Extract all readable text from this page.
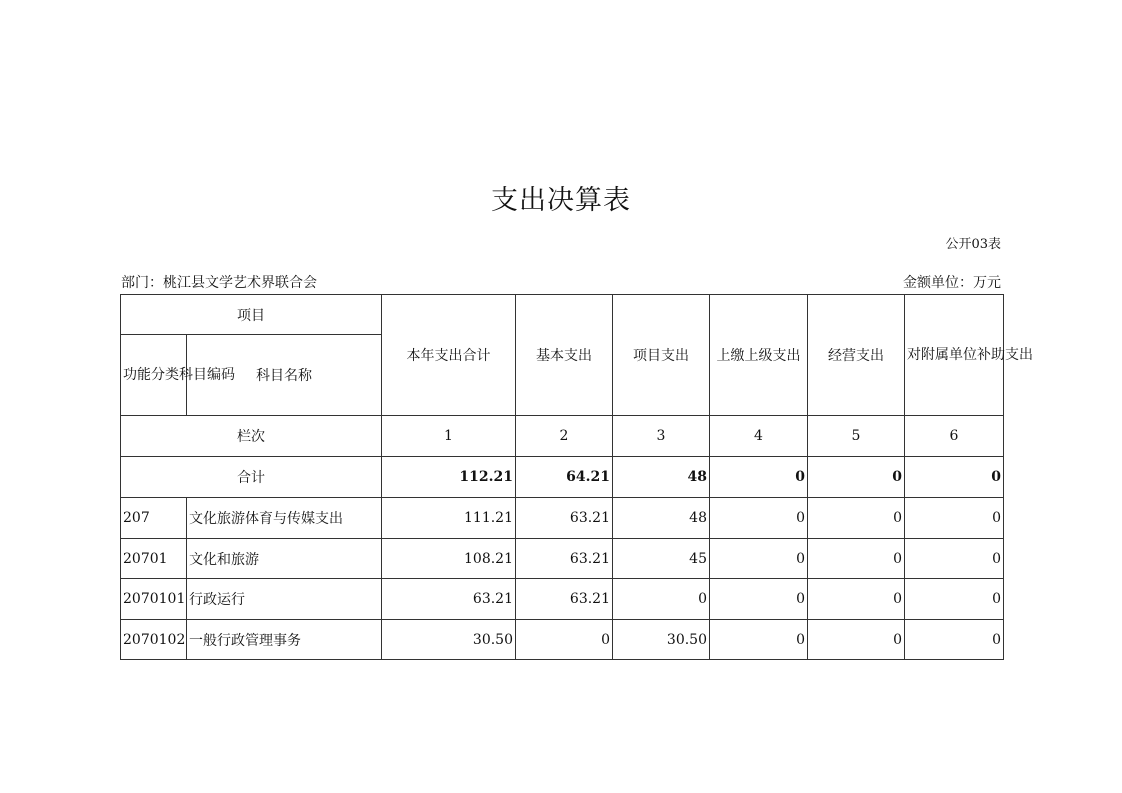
支出决算表
公开03表
部门：桃江县文学艺术界联合会	金额单位：万元
项目		本年支出合计	基本支出	项目支出	上缴上级支出	经营支出	对附属单位补助支出
功能分类科目编码	科目名称						
栏次		1	2	3	4	5	6
合计		112.21	64.21	48	0	0	0
207	文化旅游体育与传媒支出	111.21	63.21	48	0	0	0
20701	文化和旅游	108.21	63.21	45	0	0	0
2070101	行政运行	63.21	63.21	0	0	0	0
2070102	一般行政管理事务	30.50	0	30.50	0	0	0
